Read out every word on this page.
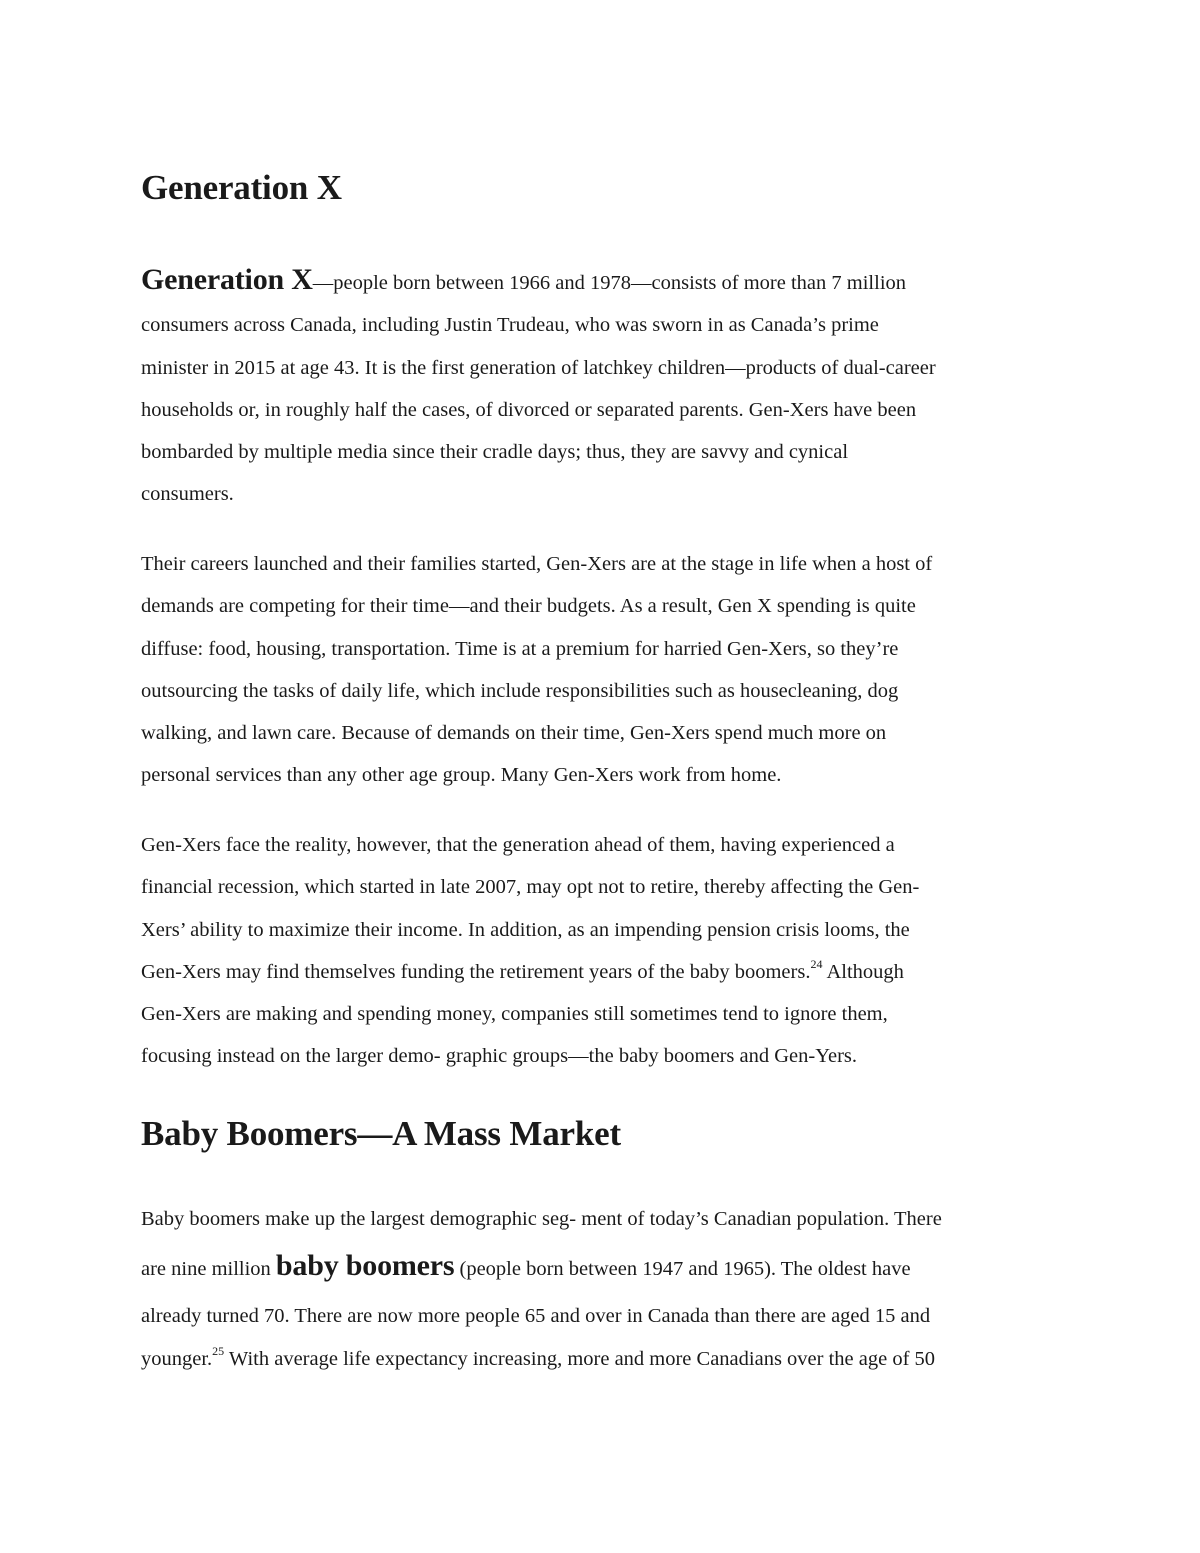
Generation X
Generation X—people born between 1966 and 1978—consists of more than 7 million
consumers across Canada, including Justin Trudeau, who was sworn in as Canada’s prime
minister in 2015 at age 43. It is the first generation of latchkey children—products of dual-career
households or, in roughly half the cases, of divorced or separated parents. Gen-Xers have been
bombarded by multiple media since their cradle days; thus, they are savvy and cynical
consumers.
Their careers launched and their families started, Gen-Xers are at the stage in life when a host of
demands are competing for their time—and their budgets. As a result, Gen X spending is quite
diffuse: food, housing, transportation. Time is at a premium for harried Gen-Xers, so they’re
outsourcing the tasks of daily life, which include responsibilities such as housecleaning, dog
walking, and lawn care. Because of demands on their time, Gen-Xers spend much more on
personal services than any other age group. Many Gen-Xers work from home.
Gen-Xers face the reality, however, that the generation ahead of them, having experienced a
financial recession, which started in late 2007, may opt not to retire, thereby affecting the Gen-
Xers’ ability to maximize their income. In addition, as an impending pension crisis looms, the
Gen-Xers may find themselves funding the retirement years of the baby boomers.$^{24}$ Although
Gen-Xers are making and spending money, companies still sometimes tend to ignore them,
focusing instead on the larger demo- graphic groups—the baby boomers and Gen-Yers.
Baby Boomers—A Mass Market
Baby boomers make up the largest demographic seg- ment of today’s Canadian population. There
are nine million baby boomers (people born between 1947 and 1965). The oldest have
already turned 70. There are now more people 65 and over in Canada than there are aged 15 and
younger.$^{25}$ With average life expectancy increasing, more and more Canadians over the age of 50
